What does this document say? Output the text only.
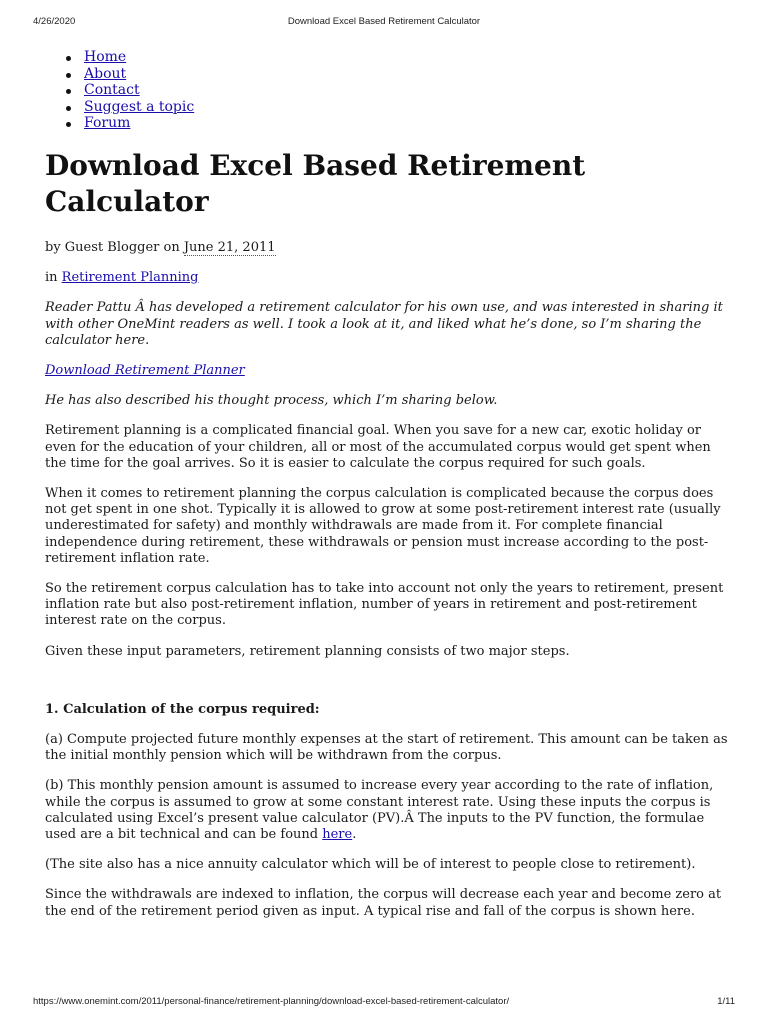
4/26/2020	Download Excel Based Retirement Calculator
Home
About
Contact
Suggest a topic
Forum
Download Excel Based Retirement Calculator

by Guest Blogger on June 21, 2011

in Retirement Planning

Reader Pattu Â has developed a retirement calculator for his own use, and was interested in sharing it with other OneMint readers as well. I took a look at it, and liked what he’s done, so I’m sharing the calculator here.

Download Retirement Planner

He has also described his thought process, which I’m sharing below.

Retirement planning is a complicated financial goal. When you save for a new car, exotic holiday or even for the education of your children, all or most of the accumulated corpus would get spent when the time for the goal arrives. So it is easier to calculate the corpus required for such goals.

When it comes to retirement planning the corpus calculation is complicated because the corpus does not get spent in one shot. Typically it is allowed to grow at some post-retirement interest rate (usually underestimated for safety) and monthly withdrawals are made from it. For complete financial independence during retirement, these withdrawals or pension must increase according to the post-retirement inflation rate.

So the retirement corpus calculation has to take into account not only the years to retirement, present inflation rate but also post-retirement inflation, number of years in retirement and post-retirement interest rate on the corpus.

Given these input parameters, retirement planning consists of two major steps.

1. Calculation of the corpus required:

(a) Compute projected future monthly expenses at the start of retirement. This amount can be taken as the initial monthly pension which will be withdrawn from the corpus.

(b) This monthly pension amount is assumed to increase every year according to the rate of inflation, while the corpus is assumed to grow at some constant interest rate. Using these inputs the corpus is calculated using Excel’s present value calculator (PV).Â The inputs to the PV function, the formulae used are a bit technical and can be found here.

(The site also has a nice annuity calculator which will be of interest to people close to retirement).

Since the withdrawals are indexed to inflation, the corpus will decrease each year and become zero at the end of the retirement period given as input. A typical rise and fall of the corpus is shown here.

https://www.onemint.com/2011/personal-finance/retirement-planning/download-excel-based-retirement-calculator/	1/11
